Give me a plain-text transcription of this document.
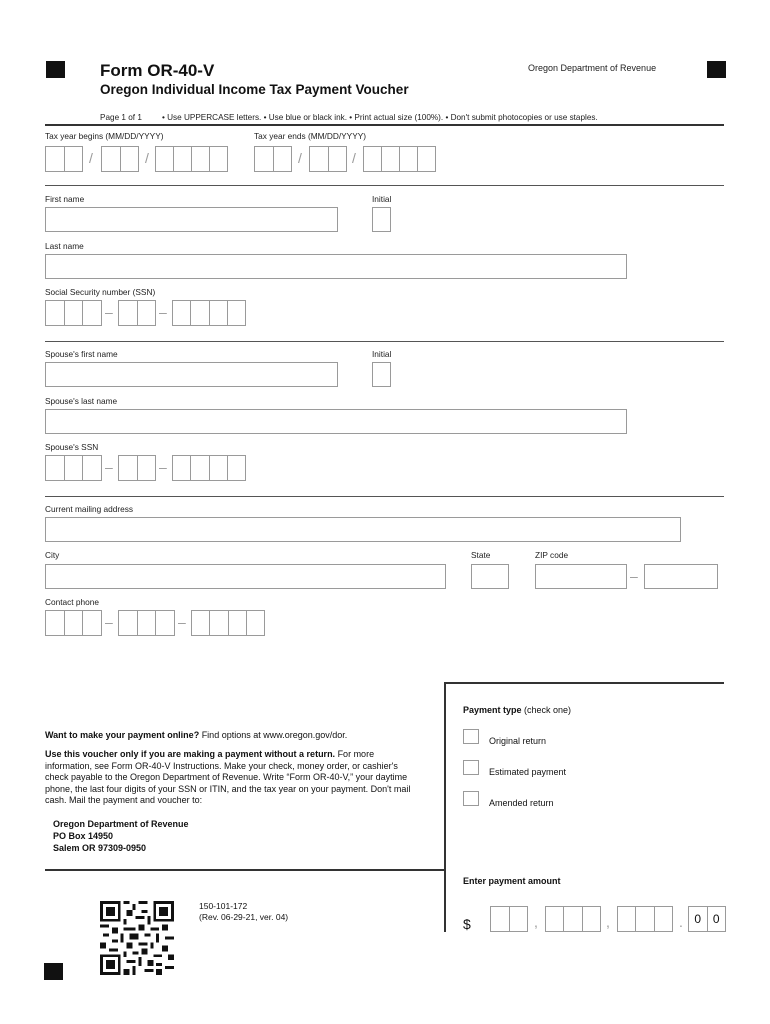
Form OR-40-V
Oregon Individual Income Tax Payment Voucher
Oregon Department of Revenue
Page 1 of 1 • Use UPPERCASE letters. • Use blue or black ink. • Print actual size (100%). • Don't submit photocopies or use staples.
Tax year begins (MM/DD/YYYY)	Tax year ends (MM/DD/YYYY)
/	/	/	/
First name	Initial
Last name
Social Security number (SSN)
–	–
Spouse's first name	Initial
Spouse's last name
Spouse's SSN
–	–
Current mailing address
City	State	ZIP code
–
Contact phone
–	–
Want to make your payment online? Find options at www.oregon.gov/dor.
Use this voucher only if you are making a payment without a return. For more information, see Form OR-40-V Instructions. Make your check, money order, or cashier's check payable to the Oregon Department of Revenue. Write “Form OR-40-V,” your daytime phone, the last four digits of your SSN or ITIN, and the tax year on your payment. Don't mail cash. Mail the payment and voucher to:
Oregon Department of Revenue
PO Box 14950
Salem OR 97309-0950
Payment type (check one)
Original return
Estimated payment
Amended return
Enter payment amount
$	,	,	. 0 0
150-101-172
(Rev. 06-29-21, ver. 04)
